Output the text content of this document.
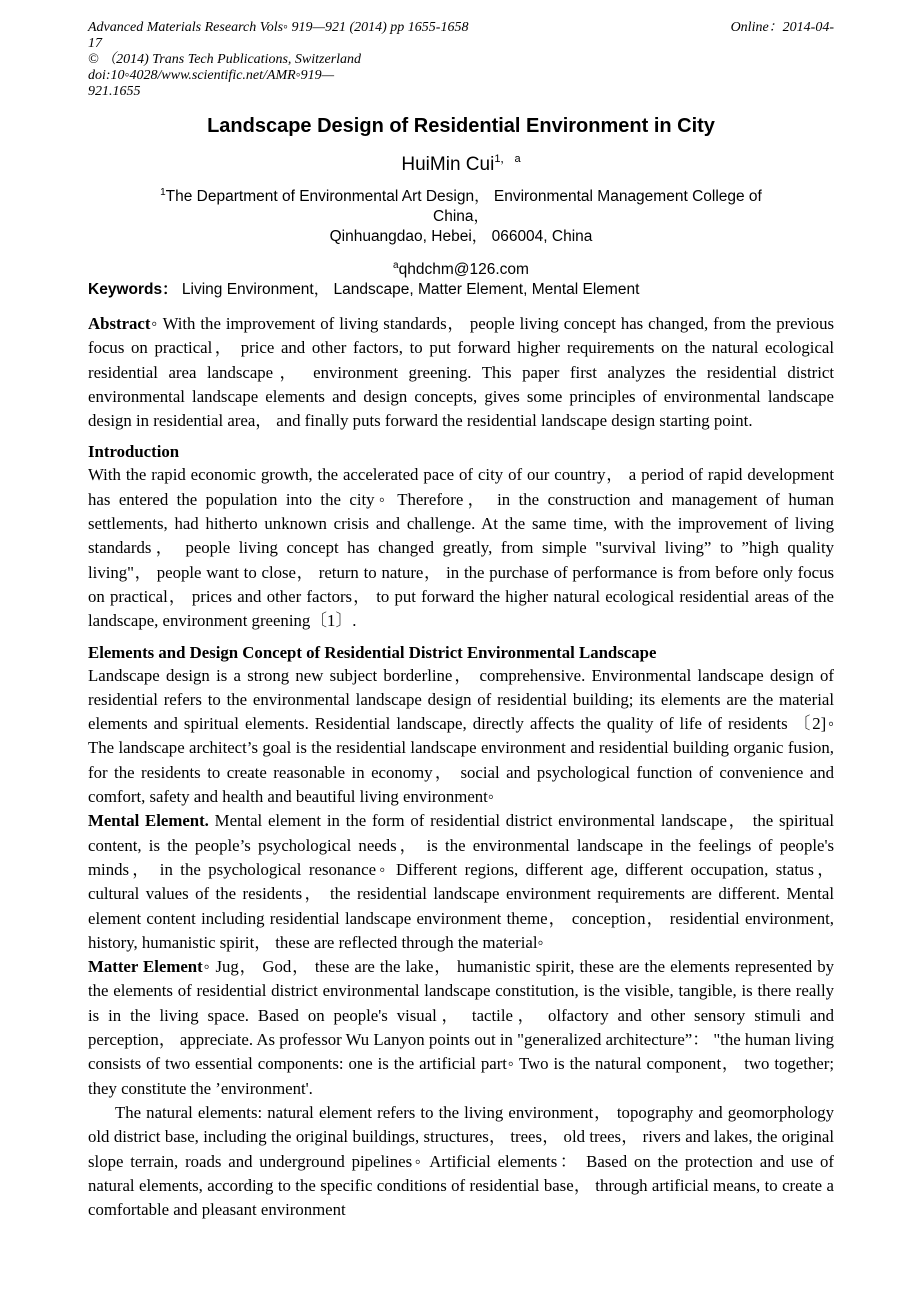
Advanced Materials Research Vols◦ 919—921 (2014) pp 1655-1658	Online：2014-04-
17
© （2014) Trans Tech Publications, Switzerland
doi:10◦4028/www.scientific.net/AMR◦919—
921.1655
Landscape Design of Residential Environment in City
HuiMin Cui$^{1, a}$
$^1$The Department of Environmental Art Design， Environmental Management College of
China，
Qinhuangdao, Hebei， 066004, China
$^a$qhdchm@126.com
Keywords： Living Environment， Landscape, Matter Element, Mental Element

Abstract◦ With the improvement of living standards， people living concept has changed, from the previous focus on practical， price and other factors, to put forward higher requirements on the natural ecological residential area landscape， environment greening. This paper first analyzes the residential district environmental landscape elements and design concepts, gives some principles of environmental landscape design in residential area， and finally puts forward the residential landscape design starting point.

Introduction

With the rapid economic growth, the accelerated pace of city of our country， a period of rapid development has entered the population into the city◦ Therefore， in the construction and management of human settlements, had hitherto unknown crisis and challenge. At the same time, with the improvement of living standards， people living concept has changed greatly, from simple "survival living” to ”high quality living"， people want to close， return to nature， in the purchase of performance is from before only focus on practical， prices and other factors， to put forward the higher natural ecological residential areas of the landscape, environment greening〔1〕.

Elements and Design Concept of Residential District Environmental Landscape

Landscape design is a strong new subject borderline， comprehensive. Environmental landscape design of residential refers to the environmental landscape design of residential building; its elements are the material elements and spiritual elements. Residential landscape, directly affects the quality of life of residents 〔2]◦ The landscape architect’s goal is the residential landscape environment and residential building organic fusion, for the residents to create reasonable in economy， social and psychological function of convenience and comfort, safety and health and beautiful living environment◦

Mental Element. Mental element in the form of residential district environmental landscape， the spiritual content, is the people’s psychological needs， is the environmental landscape in the feelings of people's minds， in the psychological resonance◦ Different regions, different age, different occupation, status， cultural values of the residents， the residential landscape environment requirements are different. Mental element content including residential landscape environment theme， conception， residential environment, history, humanistic spirit， these are reflected through the material◦

Matter Element◦ Jug， God， these are the lake， humanistic spirit, these are the elements represented by the elements of residential district environmental landscape constitution, is the visible, tangible, is there really is in the living space. Based on people's visual， tactile， olfactory and other sensory stimuli and perception， appreciate. As professor Wu Lanyon points out in "generalized architecture”： "the human living consists of two essential components: one is the artificial part◦ Two is the natural component， two together; they constitute the ’environment'.

The natural elements: natural element refers to the living environment， topography and geomorphology old district base, including the original buildings, structures， trees， old trees， rivers and lakes, the original slope terrain, roads and underground pipelines◦ Artificial elements： Based on the protection and use of natural elements, according to the specific conditions of residential base， through artificial means, to create a comfortable and pleasant environment
